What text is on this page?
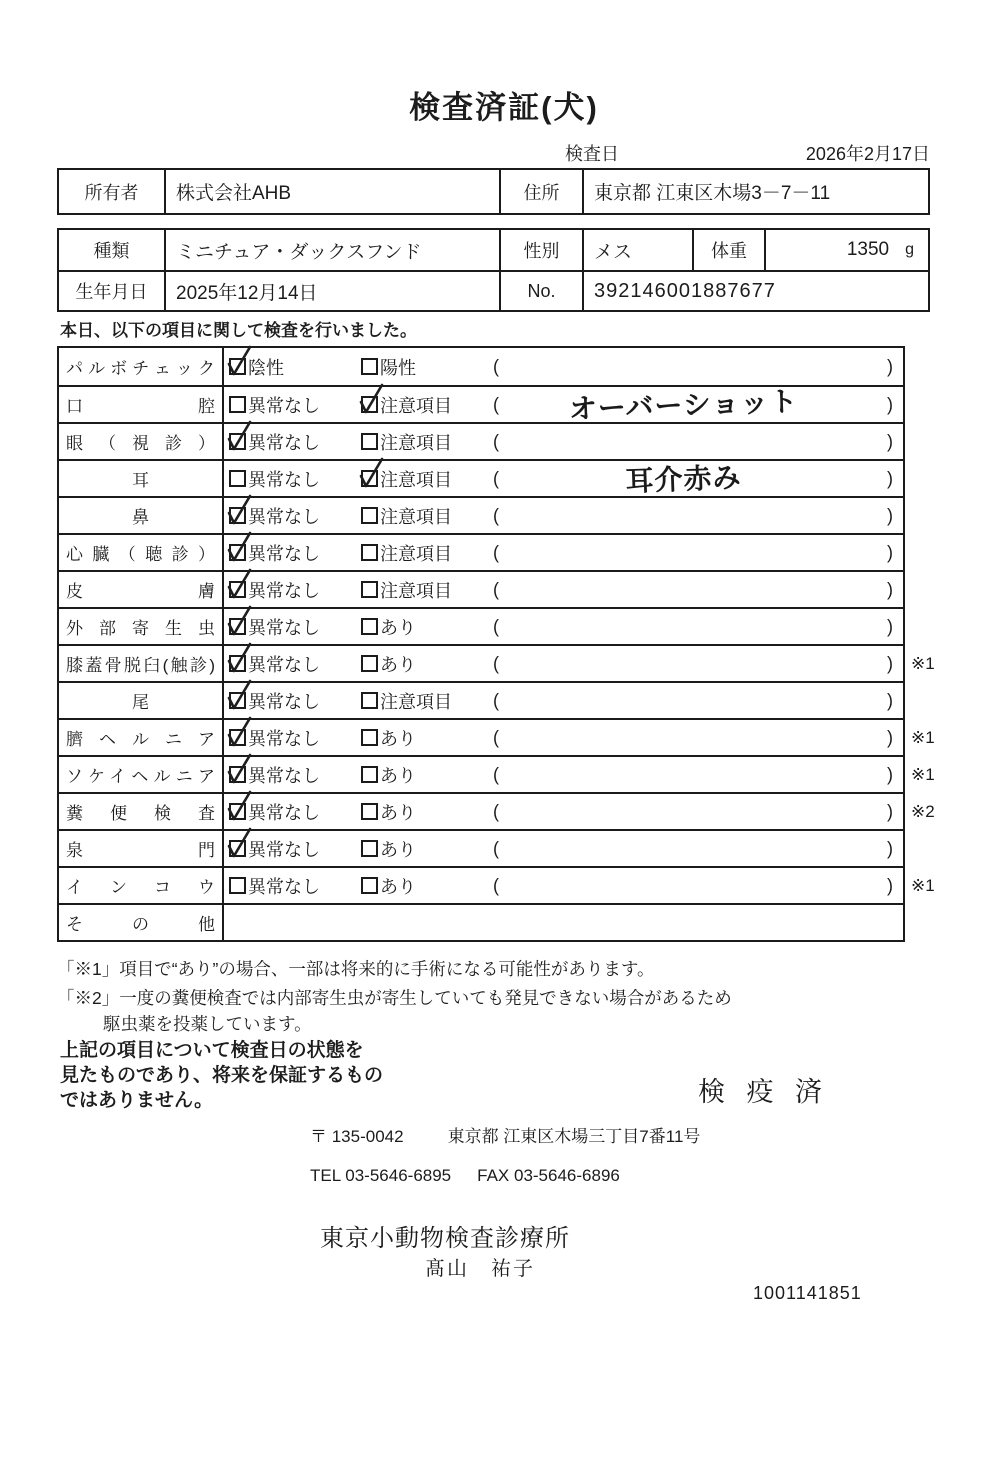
検査済証(犬)
検査日	2026年2月17日
所有者	株式会社AHB	住所	東京都 江東区木場3－7－11
種類	ミニチュア・ダックスフンド	性別	メス	体重	1350 g
生年月日	2025年12月14日	No.	392146001887677

本日、以下の項目に関して検査を行いました。

パルボチェック 陰性	陽性	(	)
口腔 異常なし	注意項目 (	オーバーショット	)
眼（視診） 異常なし	注意項目 (	)
耳	異常なし	注意項目 (	耳介赤み	)
鼻	異常なし	注意項目 (	)
心臓（聴診） 異常なし	注意項目 (	)
皮膚 異常なし	注意項目 (	)
外部寄生虫 異常なし	あり	(	)
膝蓋骨脱臼(触診) 異常なし	あり	(	) ※1
尾	異常なし	注意項目 (	)
臍ヘルニア 異常なし	あり	(	) ※1
ソケイヘルニア 異常なし	あり	(	) ※1
糞便検査 異常なし	あり	(	) ※2
泉門 異常なし	あり	(	)
インコウ 異常なし	あり	(	) ※1
その他
「※1」項目で“あり”の場合、一部は将来的に手術になる可能性があります。
「※2」一度の糞便検査では内部寄生虫が寄生していても発見できない場合があるため
駆虫薬を投薬しています。
上記の項目について検査日の状態を
見たものであり、将来を保証するもの
ではありません。	検 疫 済
〒 135-0042	東京都 江東区木場三丁目7番11号
TEL 03-5646-6895 FAX 03-5646-6896
東京小動物検査診療所
髙山　祐子
1001141851
